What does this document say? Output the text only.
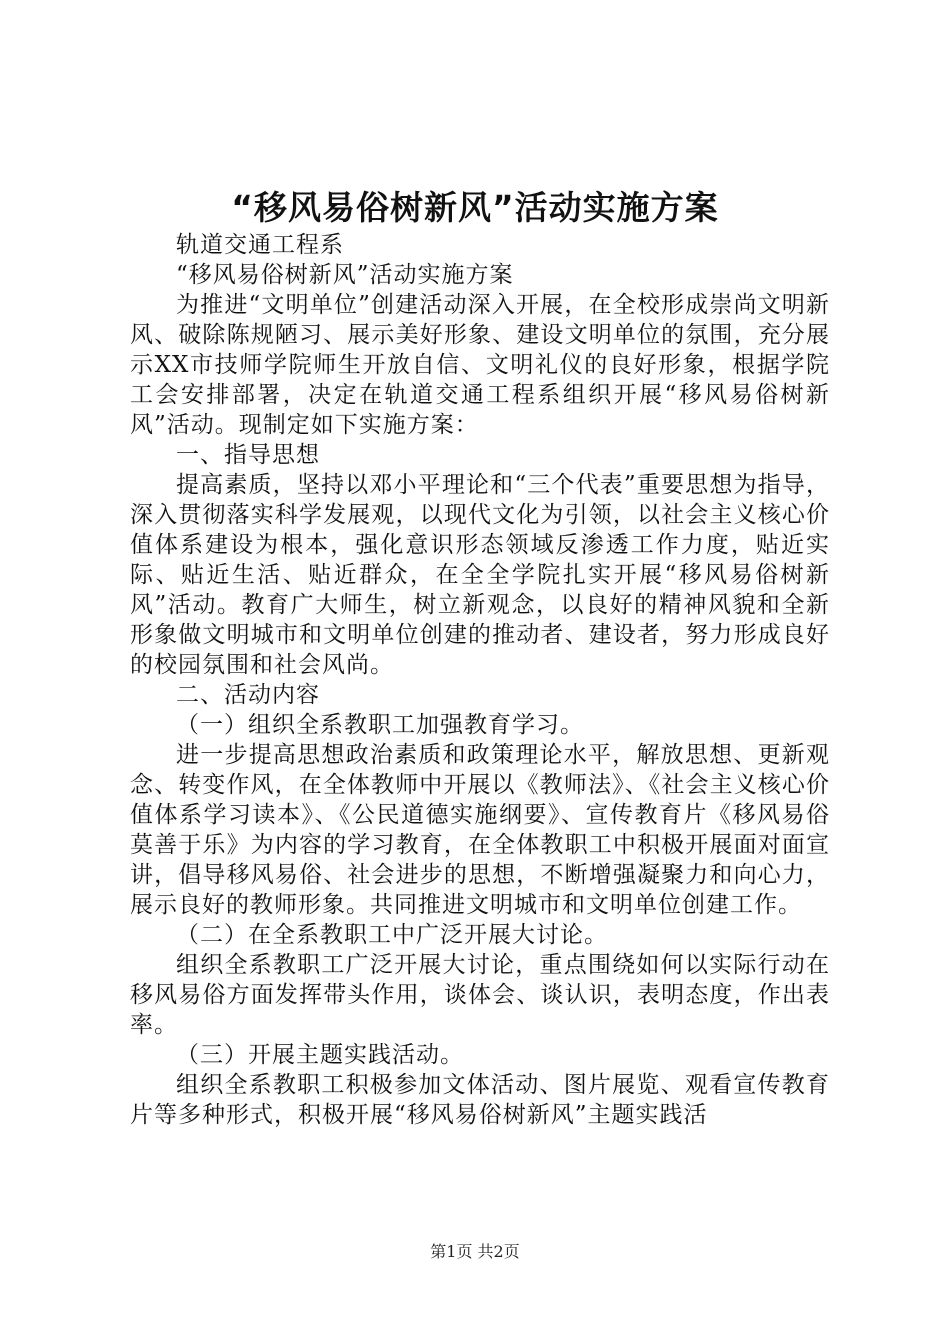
“移风易俗树新风”活动实施方案

轨道交通工程系

“移风易俗树新风”活动实施方案

为推进“文明单位”创建活动深入开展，在全校形成崇尚文明新风、破除陈规陋习、展示美好形象、建设文明单位的氛围，充分展示XX市技师学院师生开放自信、文明礼仪的良好形象，根据学院工会安排部署，决定在轨道交通工程系组织开展“移风易俗树新风”活动。现制定如下实施方案：

一、指导思想

提高素质，坚持以邓小平理论和“三个代表”重要思想为指导，深入贯彻落实科学发展观，以现代文化为引领，以社会主义核心价值体系建设为根本，强化意识形态领域反渗透工作力度，贴近实际、贴近生活、贴近群众，在全全学院扎实开展“移风易俗树新风”活动。教育广大师生，树立新观念，以良好的精神风貌和全新形象做文明城市和文明单位创建的推动者、建设者，努力形成良好的校园氛围和社会风尚。

二、活动内容

（一）组织全系教职工加强教育学习。

进一步提高思想政治素质和政策理论水平，解放思想、更新观念、转变作风，在全体教师中开展以《教师法》、《社会主义核心价值体系学习读本》、《公民道德实施纲要》、宣传教育片《移风易俗莫善于乐》为内容的学习教育，在全体教职工中积极开展面对面宣讲，倡导移风易俗、社会进步的思想，不断增强凝聚力和向心力，展示良好的教师形象。共同推进文明城市和文明单位创建工作。

（二）在全系教职工中广泛开展大讨论。

组织全系教职工广泛开展大讨论，重点围绕如何以实际行动在移风易俗方面发挥带头作用，谈体会、谈认识，表明态度，作出表率。

（三）开展主题实践活动。

组织全系教职工积极参加文体活动、图片展览、观看宣传教育片等多种形式，积极开展“移风易俗树新风”主题实践活

第1页 共2页
